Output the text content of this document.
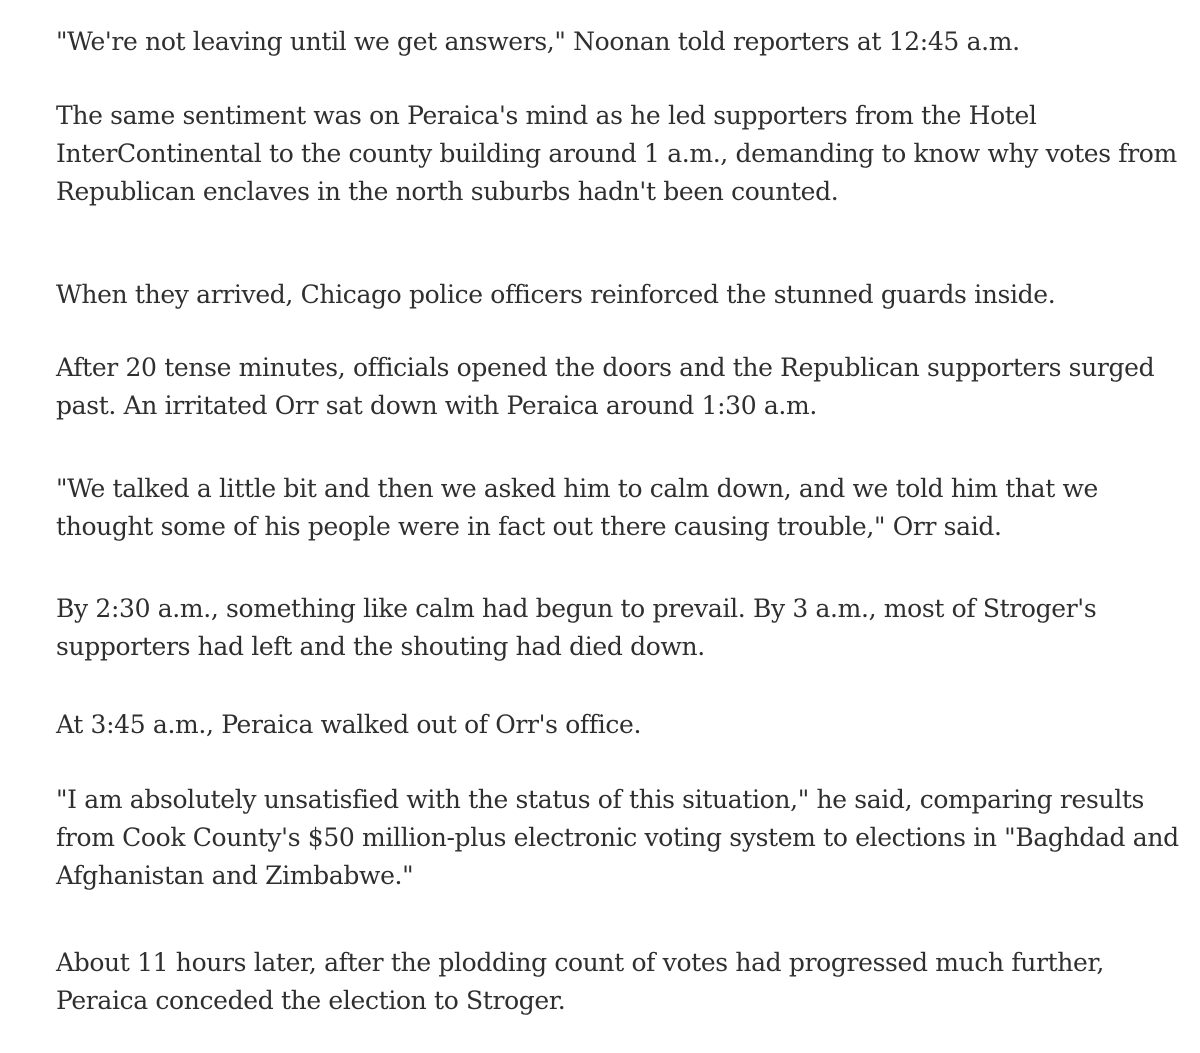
"We're not leaving until we get answers," Noonan told reporters at 12:45 a.m.

The same sentiment was on Peraica's mind as he led supporters from the Hotel InterContinental to the county building around 1 a.m., demanding to know why votes from Republican enclaves in the north suburbs hadn't been counted.

When they arrived, Chicago police officers reinforced the stunned guards inside.

After 20 tense minutes, officials opened the doors and the Republican supporters surged past. An irritated Orr sat down with Peraica around 1:30 a.m.

"We talked a little bit and then we asked him to calm down, and we told him that we thought some of his people were in fact out there causing trouble," Orr said.

By 2:30 a.m., something like calm had begun to prevail. By 3 a.m., most of Stroger's supporters had left and the shouting had died down.

At 3:45 a.m., Peraica walked out of Orr's office.

"I am absolutely unsatisfied with the status of this situation," he said, comparing results from Cook County's $50 million-plus electronic voting system to elections in "Baghdad and Afghanistan and Zimbabwe."

About 11 hours later, after the plodding count of votes had progressed much further, Peraica conceded the election to Stroger.
